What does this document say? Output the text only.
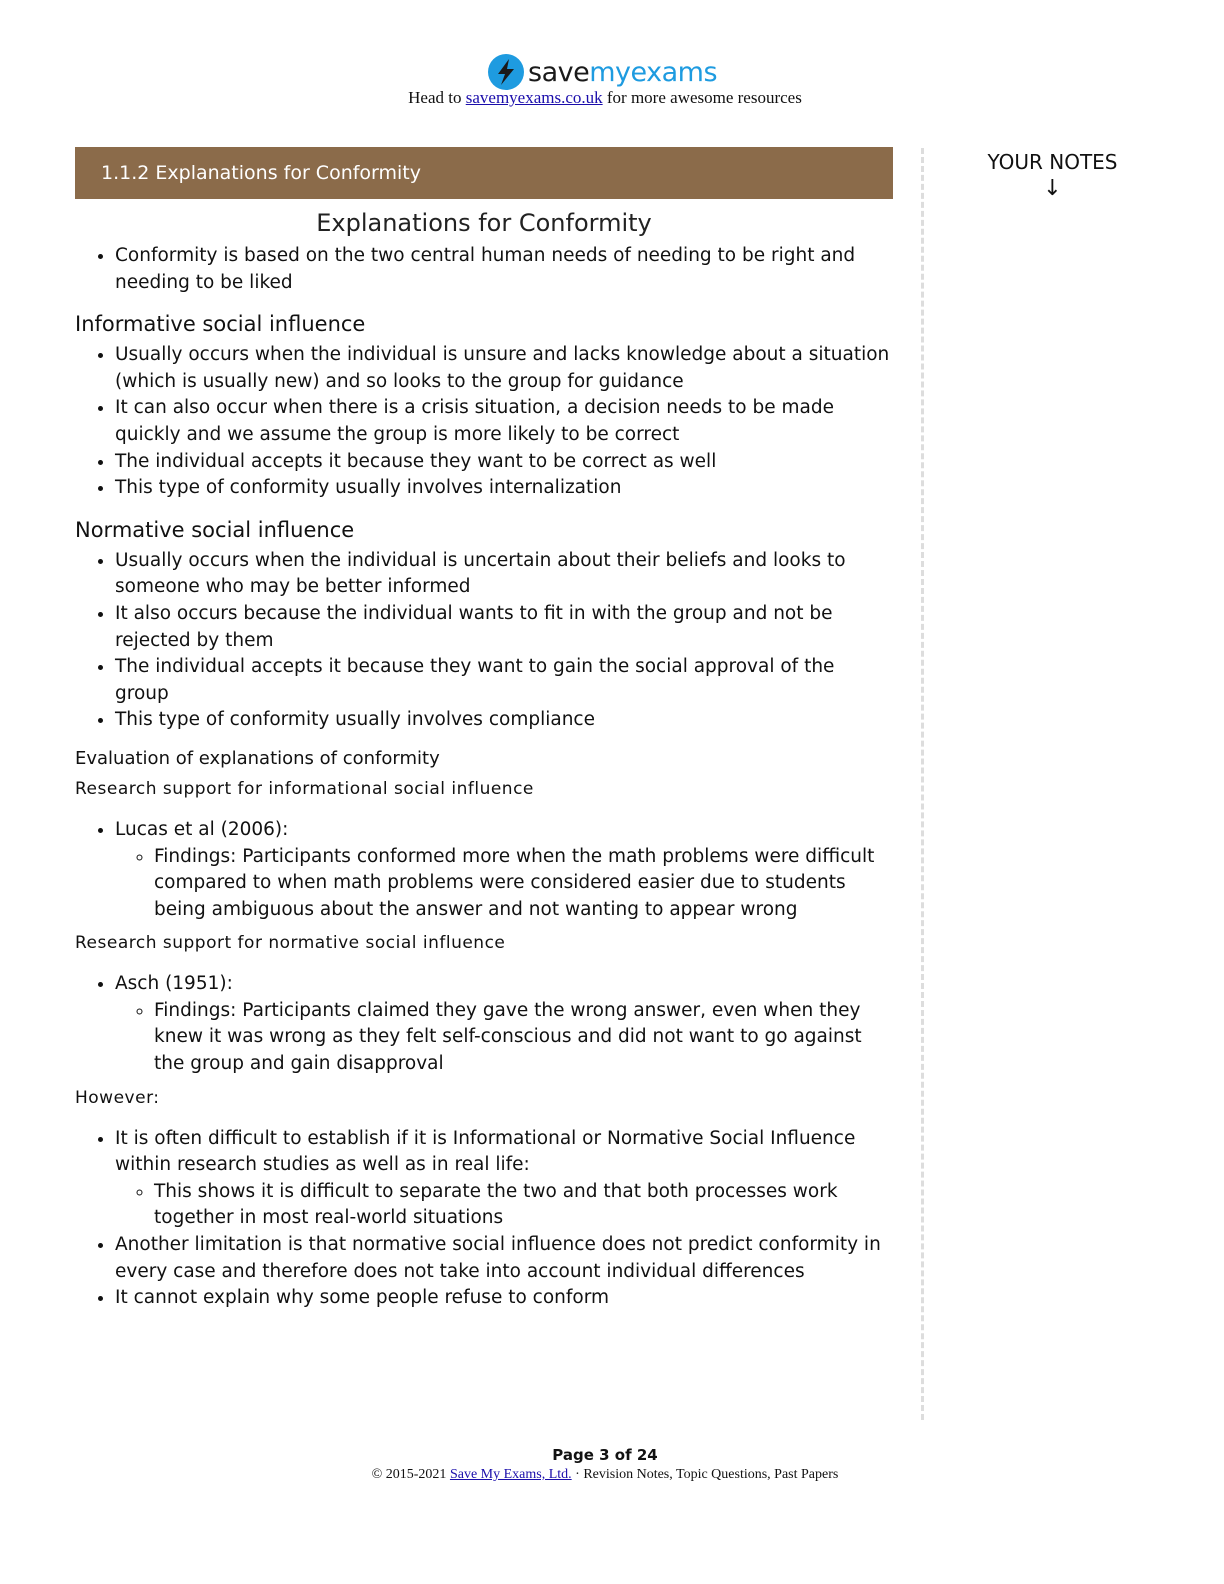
savemyexams
Head to savemyexams.co.uk for more awesome resources
YOUR NOTES
↓
1.1.2 Explanations for Conformity
Explanations for Conformity
• Conformity is based on the two central human needs of needing to be right and needing to be liked
Informative social influence
• Usually occurs when the individual is unsure and lacks knowledge about a situation (which is usually new) and so looks to the group for guidance
• It can also occur when there is a crisis situation, a decision needs to be made quickly and we assume the group is more likely to be correct
• The individual accepts it because they want to be correct as well
• This type of conformity usually involves internalization
Normative social influence
• Usually occurs when the individual is uncertain about their beliefs and looks to someone who may be better informed
• It also occurs because the individual wants to fit in with the group and not be rejected by them
• The individual accepts it because they want to gain the social approval of the group
• This type of conformity usually involves compliance
Evaluation of explanations of conformity
Research support for informational social influence
• Lucas et al (2006):
◦ Findings: Participants conformed more when the math problems were difficult compared to when math problems were considered easier due to students being ambiguous about the answer and not wanting to appear wrong
Research support for normative social influence
• Asch (1951):
◦ Findings: Participants claimed they gave the wrong answer, even when they knew it was wrong as they felt self-conscious and did not want to go against the group and gain disapproval
However:
• It is often difficult to establish if it is Informational or Normative Social Influence within research studies as well as in real life:
◦ This shows it is difficult to separate the two and that both processes work together in most real-world situations
• Another limitation is that normative social influence does not predict conformity in every case and therefore does not take into account individual differences
• It cannot explain why some people refuse to conform
Page 3 of 24
© 2015-2021 Save My Exams, Ltd. · Revision Notes, Topic Questions, Past Papers
